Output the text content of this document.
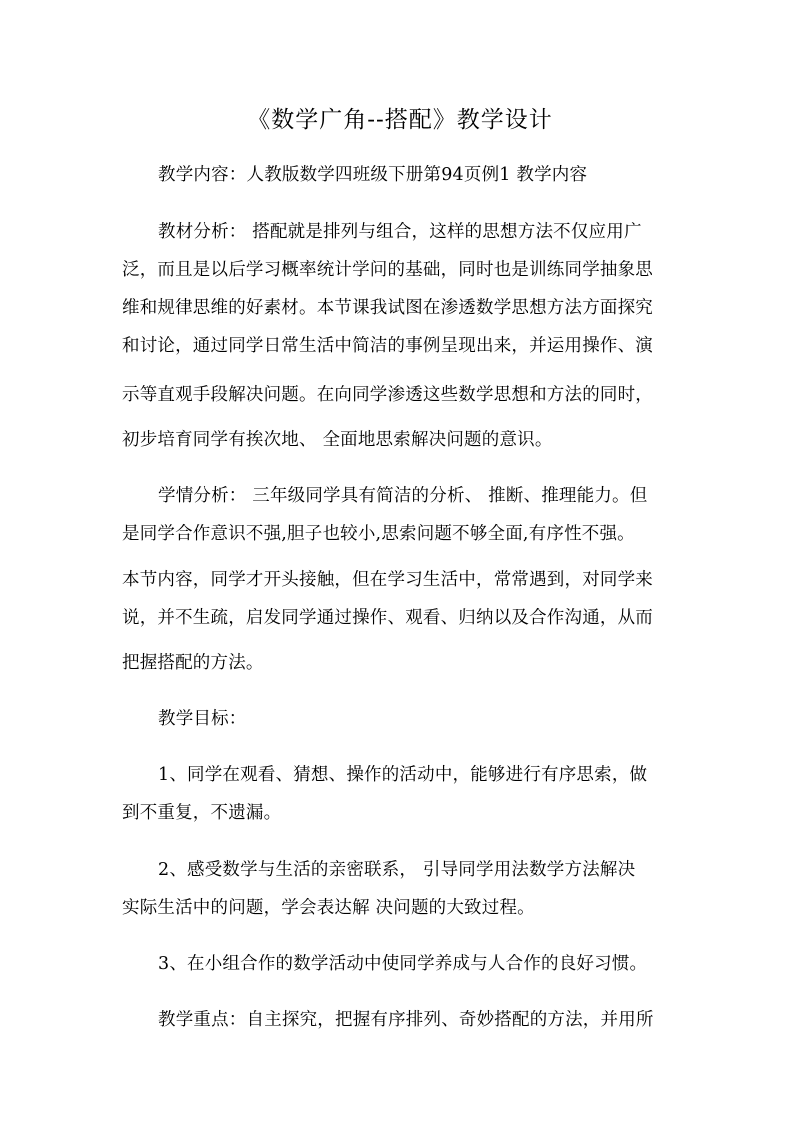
《数学广角--搭配》教学设计
教学内容：人教版数学四班级下册第94页例1 教学内容
教材分析： 搭配就是排列与组合，这样的思想方法不仅应用广
泛，而且是以后学习概率统计学问的基础，同时也是训练同学抽象思
维和规律思维的好素材。本节课我试图在渗透数学思想方法方面探究
和讨论，通过同学日常生活中简洁的事例呈现出来，并运用操作、演
示等直观手段解决问题。在向同学渗透这些数学思想和方法的同时，
初步培育同学有挨次地、 全面地思索解决问题的意识。
学情分析： 三年级同学具有简洁的分析、 推断、推理能力。但
是同学合作意识不强,胆子也较小,思索问题不够全面,有序性不强。
本节内容，同学才开头接触，但在学习生活中，常常遇到，对同学来
说，并不生疏，启发同学通过操作、观看、归纳以及合作沟通，从而
把握搭配的方法。
教学目标：
1、同学在观看、猜想、操作的活动中，能够进行有序思索，做
到不重复，不遗漏。
2、感受数学与生活的亲密联系， 引导同学用法数学方法解决
实际生活中的问题，学会表达解 决问题的大致过程。
3、在小组合作的数学活动中使同学养成与人合作的良好习惯。
教学重点：自主探究，把握有序排列、奇妙搭配的方法，并用所
